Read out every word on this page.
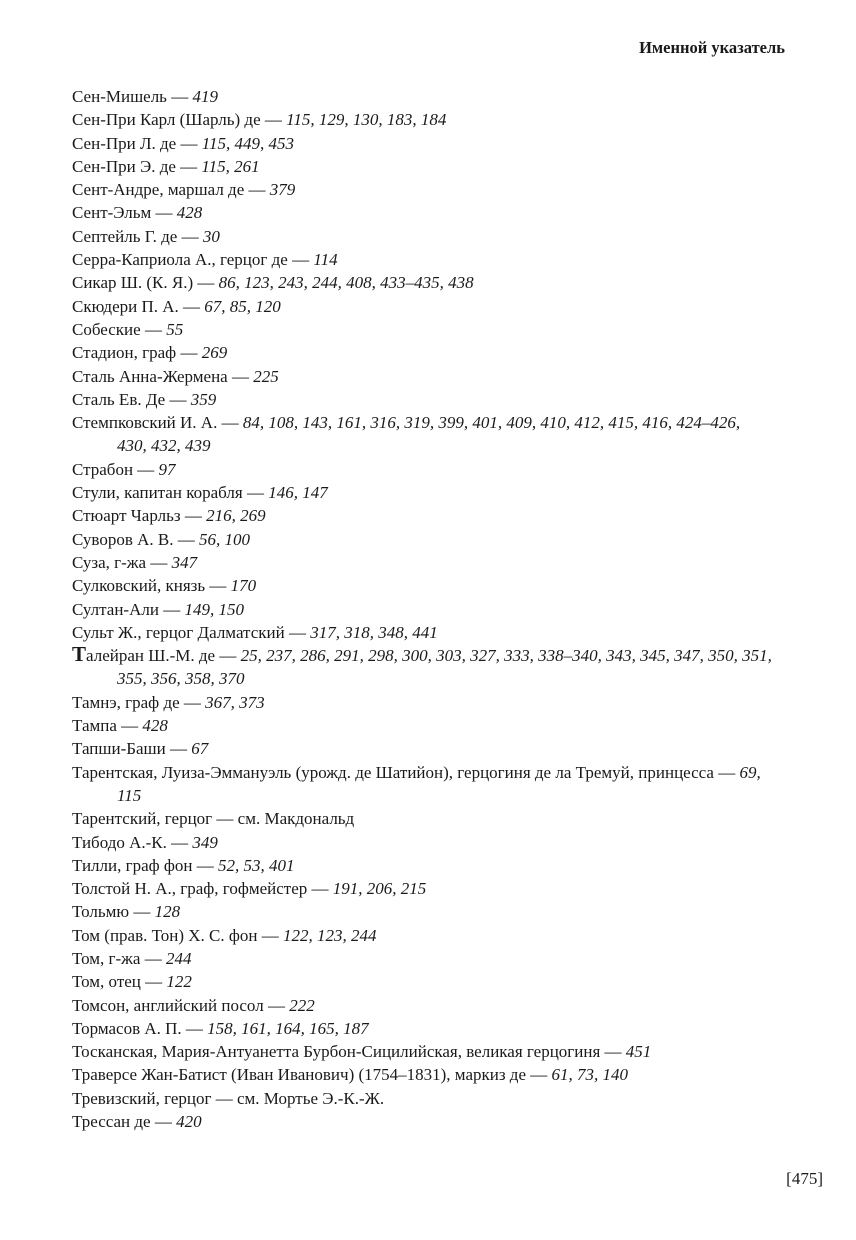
Именной указатель
Сен-Мишель — 419
Сен-При Карл (Шарль) де — 115, 129, 130, 183, 184
Сен-При Л. де — 115, 449, 453
Сен-При Э. де — 115, 261
Сент-Андре, маршал де — 379
Сент-Эльм — 428
Септейль Г. де — 30
Серра-Каприола А., герцог де — 114
Сикар Ш. (К. Я.) — 86, 123, 243, 244, 408, 433–435, 438
Скюдери П. А. — 67, 85, 120
Собеские — 55
Стадион, граф — 269
Сталь Анна-Жермена — 225
Сталь Ев. Де — 359
Стемпковский И. А. — 84, 108, 143, 161, 316, 319, 399, 401, 409, 410, 412, 415, 416, 424–426, 430, 432, 439
Страбон — 97
Стули, капитан корабля — 146, 147
Стюарт Чарльз — 216, 269
Суворов А. В. — 56, 100
Суза, г-жа — 347
Сулковский, князь — 170
Султан-Али — 149, 150
Сульт Ж., герцог Далматский — 317, 318, 348, 441
Талейран Ш.-М. де — 25, 237, 286, 291, 298, 300, 303, 327, 333, 338–340, 343, 345, 347, 350, 351, 355, 356, 358, 370
Тамнэ, граф де — 367, 373
Тампа — 428
Тапши-Баши — 67
Тарентская, Луиза-Эммануэль (урожд. де Шатийон), герцогиня де ла Тремуй, принцесса — 69, 115
Тарентский, герцог — см. Макдональд
Тибодо А.-К. — 349
Тилли, граф фон — 52, 53, 401
Толстой Н. А., граф, гофмейстер — 191, 206, 215
Тольмю — 128
Том (прав. Тон) Х. С. фон — 122, 123, 244
Том, г-жа — 244
Том, отец — 122
Томсон, английский посол — 222
Тормасов А. П. — 158, 161, 164, 165, 187
Тосканская, Мария-Антуанетта Бурбон-Сицилийская, великая герцогиня — 451
Траверсе Жан-Батист (Иван Иванович) (1754–1831), маркиз де — 61, 73, 140
Тревизский, герцог — см. Мортье Э.-К.-Ж.
Трессан де — 420
[475]
